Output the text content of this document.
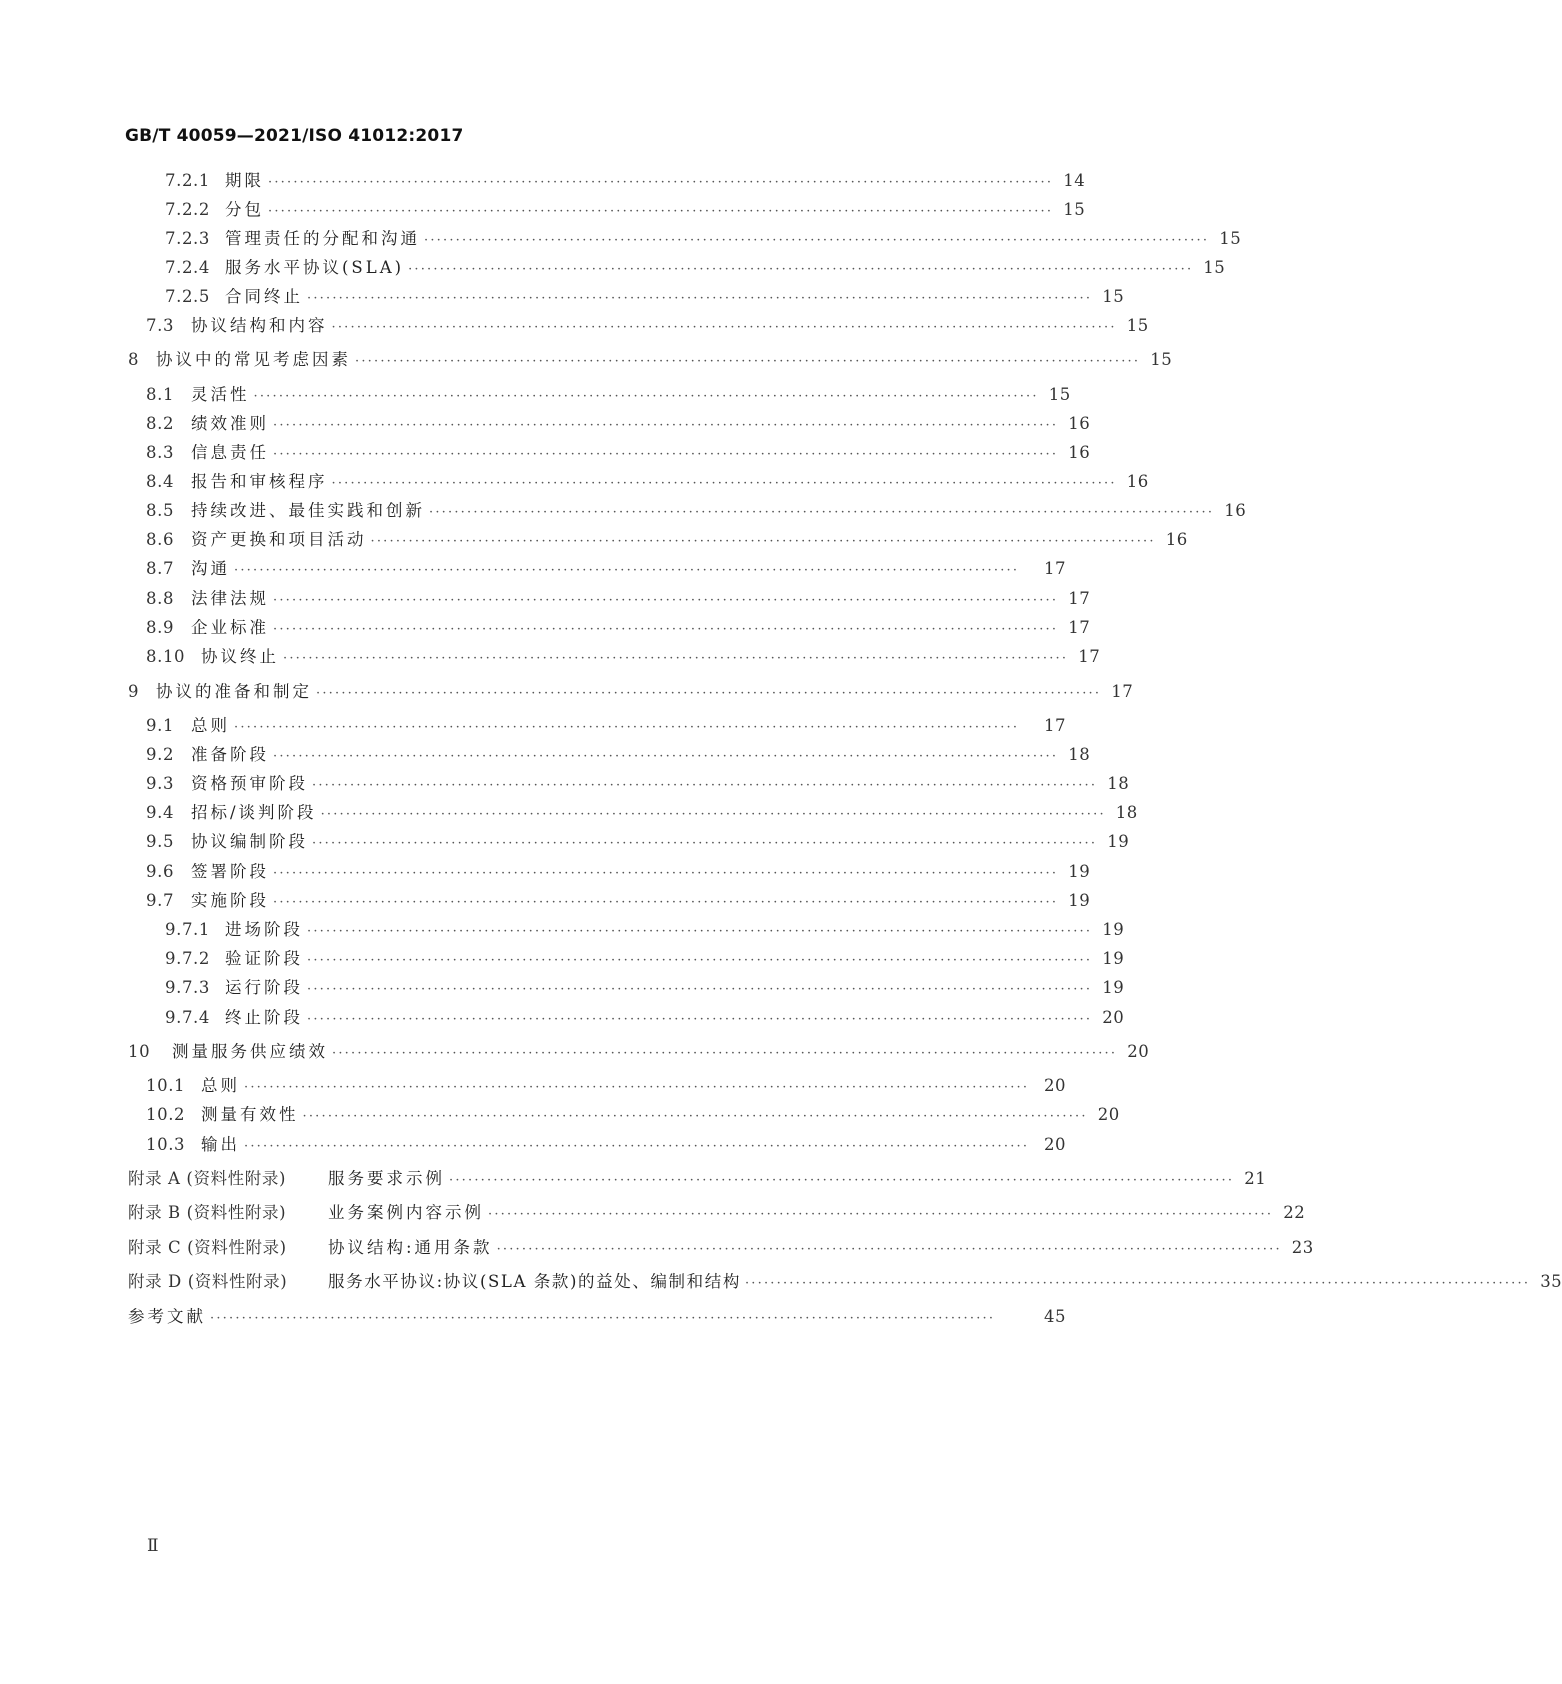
GB/T 40059—2021/ISO 41012:2017
7.2.1 期限 ···························································································································· 14
7.2.2 分包 ···························································································································· 15
7.2.3 管理责任的分配和沟通 ···························································································································· 15
7.2.4 服务水平协议(SLA) ···························································································································· 15
7.2.5 合同终止 ···························································································································· 15
7.3	协议结构和内容 ···························································································································· 15
8	协议中的常见考虑因素 ···························································································································· 15
8.1	灵活性 ···························································································································· 15
8.2	绩效准则 ···························································································································· 16
8.3	信息责任 ···························································································································· 16
8.4	报告和审核程序 ···························································································································· 16
8.5	持续改进、最佳实践和创新 ···························································································································· 16
8.6	资产更换和项目活动 ···························································································································· 16
8.7	沟通 ····························································································································	17
8.8	法律法规 ···························································································································· 17
8.9	企业标准 ···························································································································· 17
8.10 协议终止 ···························································································································· 17
9	协议的准备和制定 ···························································································································· 17
9.1	总则 ····························································································································	17
9.2	准备阶段 ···························································································································· 18
9.3	资格预审阶段 ···························································································································· 18
9.4	招标/谈判阶段 ···························································································································· 18
9.5	协议编制阶段 ···························································································································· 19
9.6	签署阶段 ···························································································································· 19
9.7	实施阶段 ···························································································································· 19
9.7.1 进场阶段 ···························································································································· 19
9.7.2 验证阶段 ···························································································································· 19
9.7.3 运行阶段 ···························································································································· 19
9.7.4 终止阶段 ···························································································································· 20
10	测量服务供应绩效 ···························································································································· 20
10.1 总则 ···························································································································· 20
10.2 测量有效性 ···························································································································· 20
10.3 输出 ···························································································································· 20
附录 A (资料性附录)	服务要求示例 ···························································································································· 21
附录 B (资料性附录)	业务案例内容示例 ···························································································································· 22
附录 C (资料性附录)	协议结构:通用条款 ···························································································································· 23
附录 D (资料性附录)	服务水平协议:协议(SLA 条款)的益处、编制和结构 ···························································································································· 35
参考文献 ····························································································································	45
Ⅱ
